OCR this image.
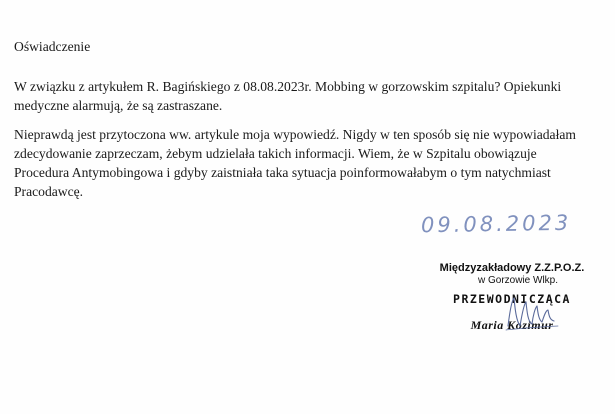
Oświadczenie
W związku z artykułem R. Bagińskiego z 08.08.2023r. Mobbing w gorzowskim szpitalu? Opiekunki
medyczne alarmują, że są zastraszane.
Nieprawdą jest przytoczona ww. artykule moja wypowiedź. Nigdy w ten sposób się nie wypowiadałam
zdecydowanie zaprzeczam, żebym udzielała takich informacji. Wiem, że w Szpitalu obowiązuje
Procedura Antymobingowa i gdyby zaistniała taka sytuacja poinformowałabym o tym natychmiast
Pracodawcę.
09.08.2023
Międzyzakładowy Z.Z.P.O.Z.
w Gorzowie Wlkp.
PRZEWODNICZĄCA
Maria Kozimur
